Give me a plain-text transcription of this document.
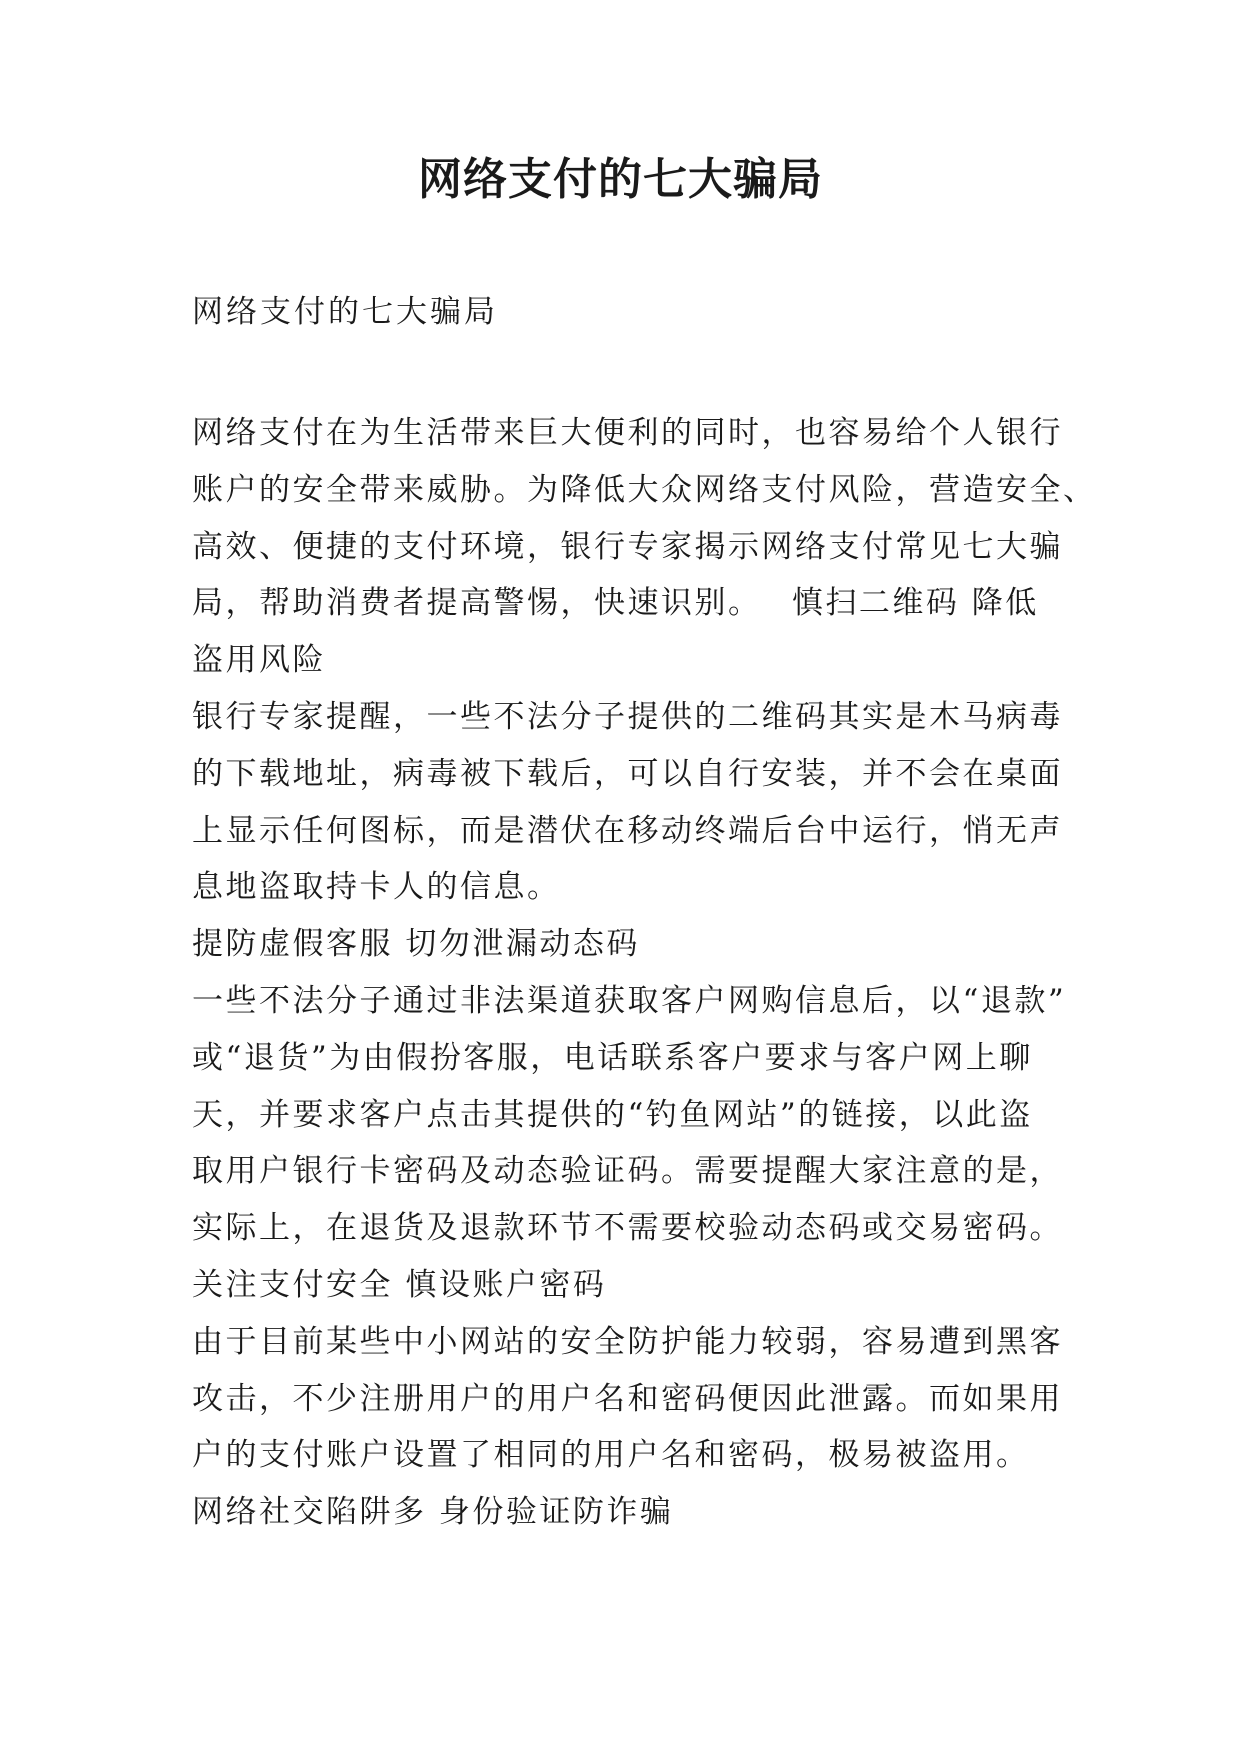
网络支付的七大骗局

网络支付的七大骗局

网络支付在为生活带来巨大便利的同时，也容易给个人银行
账户的安全带来威胁。为降低大众网络支付风险，营造安全、
高效、便捷的支付环境，银行专家揭示网络支付常见七大骗
局，帮助消费者提高警惕，快速识别。　 慎扫二维码 降低
盗用风险
银行专家提醒，一些不法分子提供的二维码其实是木马病毒
的下载地址，病毒被下载后，可以自行安装，并不会在桌面
上显示任何图标，而是潜伏在移动终端后台中运行，悄无声
息地盗取持卡人的信息。
提防虚假客服 切勿泄漏动态码
一些不法分子通过非法渠道获取客户网购信息后，以“退款”
或“退货”为由假扮客服，电话联系客户要求与客户网上聊
天，并要求客户点击其提供的“钓鱼网站”的链接，以此盗
取用户银行卡密码及动态验证码。需要提醒大家注意的是，
实际上，在退货及退款环节不需要校验动态码或交易密码。
关注支付安全 慎设账户密码
由于目前某些中小网站的安全防护能力较弱，容易遭到黑客
攻击，不少注册用户的用户名和密码便因此泄露。而如果用
户的支付账户设置了相同的用户名和密码，极易被盗用。
网络社交陷阱多 身份验证防诈骗
